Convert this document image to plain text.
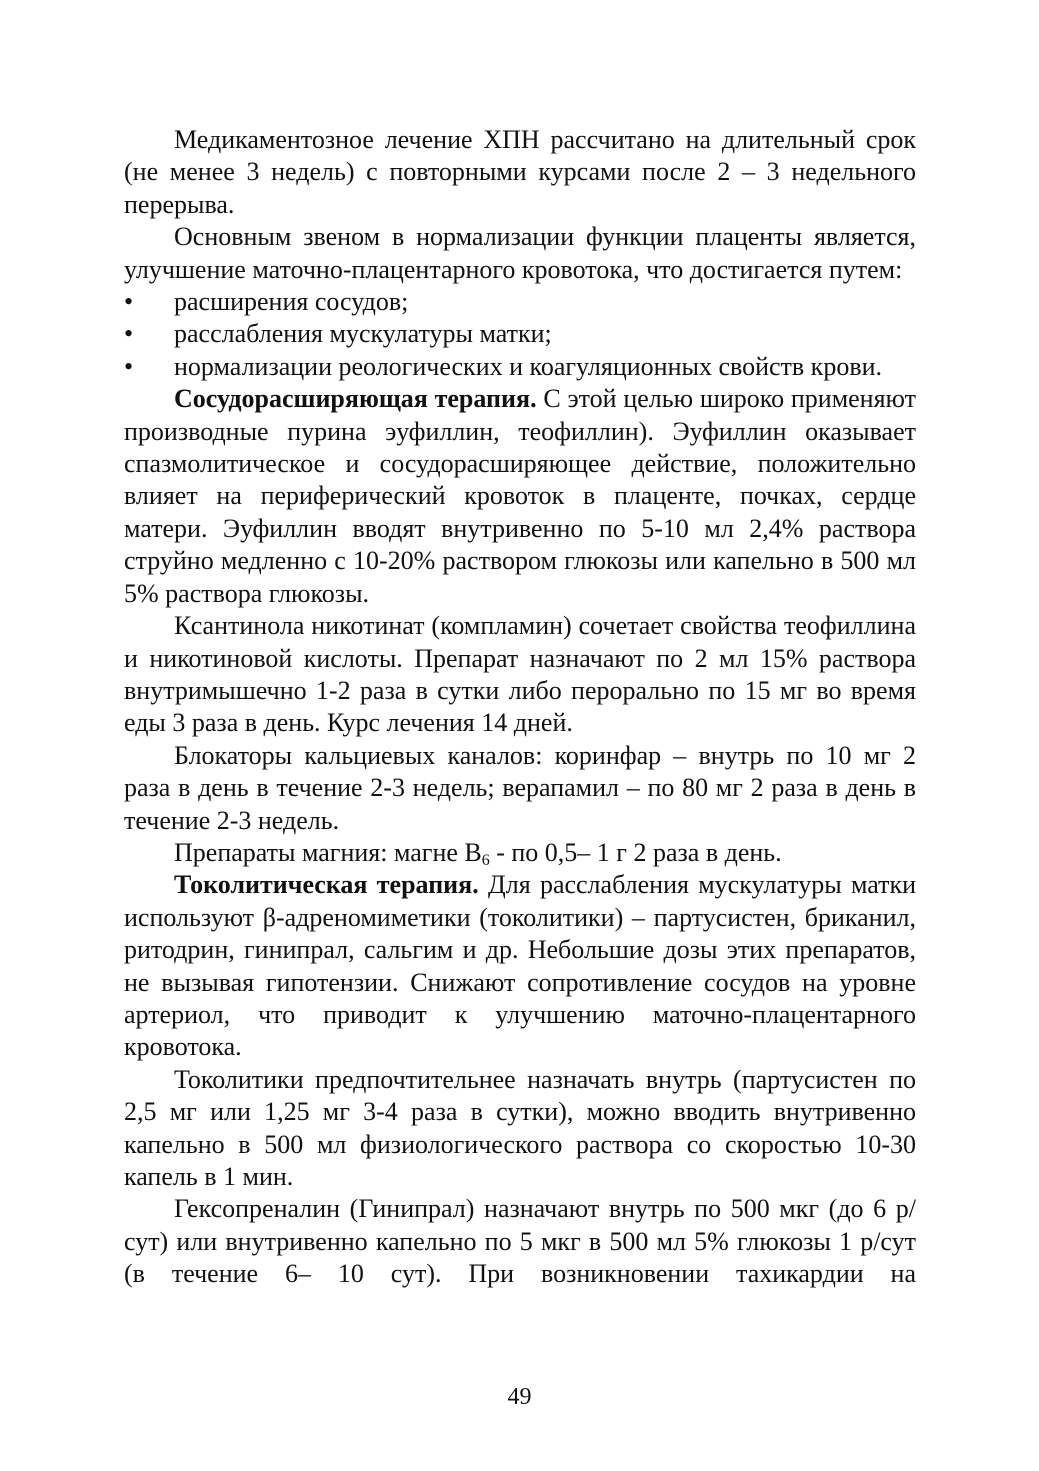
Медикаментозное лечение ХПН рассчитано на длительный срок (не менее 3 недель) с повторными курсами после 2 – 3 недельного перерыва.

Основным звеном в нормализации функции плаценты является, улучшение маточно-плацентарного кровотока, что достигается путем:

• расширения сосудов;
• расслабления мускулатуры матки;
• нормализации реологических и коагуляционных свойств крови.

Сосудорасширяющая терапия. С этой целью широко применяют производные пурина эуфиллин, теофиллин). Эуфиллин оказывает спазмолитическое и сосудорасширяющее действие, положительно влияет на периферический кровоток в плаценте, почках, сердце матери. Эуфиллин вводят внутривенно по 5-10 мл 2,4% раствора струйно медленно с 10-20% раствором глюкозы или капельно в 500 мл 5% раствора глюкозы.

Ксантинола никотинат (компламин) сочетает свойства теофиллина и никотиновой кислоты. Препарат назначают по 2 мл 15% раствора внутримышечно 1-2 раза в сутки либо перорально по 15 мг во время еды 3 раза в день. Курс лечения 14 дней.

Блокаторы кальциевых каналов: коринфар – внутрь по 10 мг 2 раза в день в течение 2-3 недель; верапамил – по 80 мг 2 раза в день в течение 2-3 недель.

Препараты магния: магне $В_6$ - по 0,5– 1 г 2 раза в день.

Токолитическая терапия. Для расслабления мускулатуры матки используют β-адреномиметики (токолитики) – партусистен, бриканил, ритодрин, гинипрал, сальгим и др. Небольшие дозы этих препаратов, не вызывая гипотензии. Снижают сопротивление сосудов на уровне артериол, что приводит к улучшению маточно-плацентарного кровотока.

Токолитики предпочтительнее назначать внутрь (партусистен по 2,5 мг или 1,25 мг 3-4 раза в сутки), можно вводить внутривенно капельно в 500 мл физиологического раствора со скоростью 10-30 капель в 1 мин.

Гексопреналин (Гинипрал) назначают внутрь по 500 мкг (до 6 р/сут) или внутривенно капельно по 5 мкг в 500 мл 5% глюкозы 1 р/сут (в течение 6– 10 сут). При возникновении тахикардии на

49
